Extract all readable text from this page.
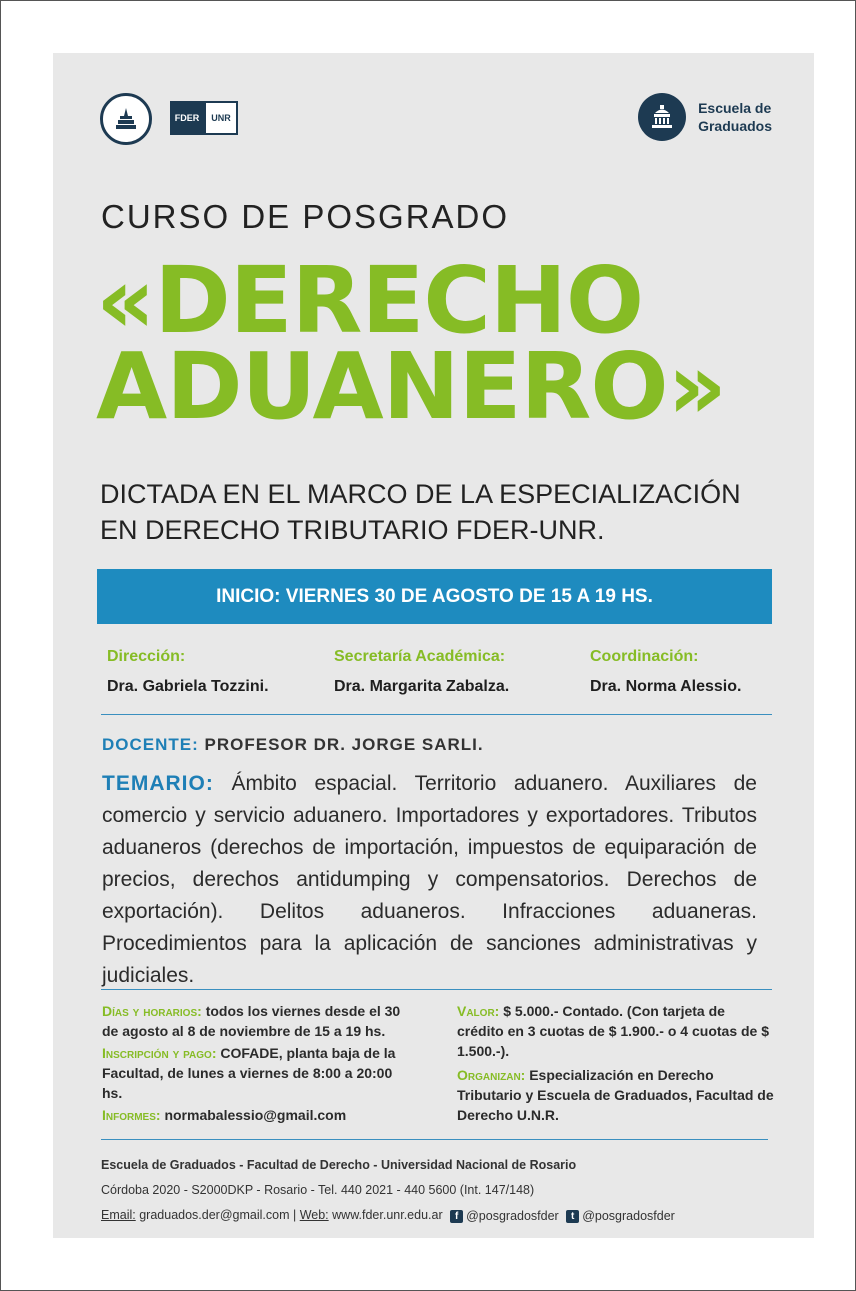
FDER	UNR
Escuela de
Graduados
CURSO DE POSGRADO
«DERECHO
ADUANERO»
DICTADA EN EL MARCO DE LA ESPECIALIZACIÓN
EN DERECHO TRIBUTARIO FDER-UNR.
INICIO: VIERNES 30 DE AGOSTO DE 15 A 19 HS.
Dirección:
Dra. Gabriela Tozzini.
Secretaría Académica:
Dra. Margarita Zabalza.
Coordinación:
Dra. Norma Alessio.
DOCENTE: PROFESOR DR. JORGE SARLI.
TEMARIO: Ámbito espacial. Territorio aduanero. Auxiliares de comercio y servicio aduanero. Importadores y exportadores. Tributos aduaneros (derechos de importación, impuestos de equiparación de precios, derechos antidumping y compensatorios. Derechos de exportación). Delitos aduaneros. Infracciones aduaneras. Procedimientos para la aplicación de sanciones administrativas y judiciales.

Días y horarios: todos los viernes desde el 30 de agosto al 8 de noviembre de 15 a 19 hs.

Inscripción y pago: COFADE, planta baja de la Facultad, de lunes a viernes de 8:00 a 20:00 hs.

Informes: normabalessio@gmail.com

Valor: $ 5.000.- Contado. (Con tarjeta de crédito en 3 cuotas de $ 1.900.- o 4 cuotas de $ 1.500.-).

Organizan: Especialización en Derecho Tributario y Escuela de Graduados, Facultad de Derecho U.N.R.

Escuela de Graduados - Facultad de Derecho - Universidad Nacional de Rosario
Córdoba 2020 - S2000DKP - Rosario - Tel. 440 2021 - 440 5600 (Int. 147/148)
Email: graduados.der@gmail.com | Web: www.fder.unr.edu.ar	f @posgradosfder
	t @posgradosfder
